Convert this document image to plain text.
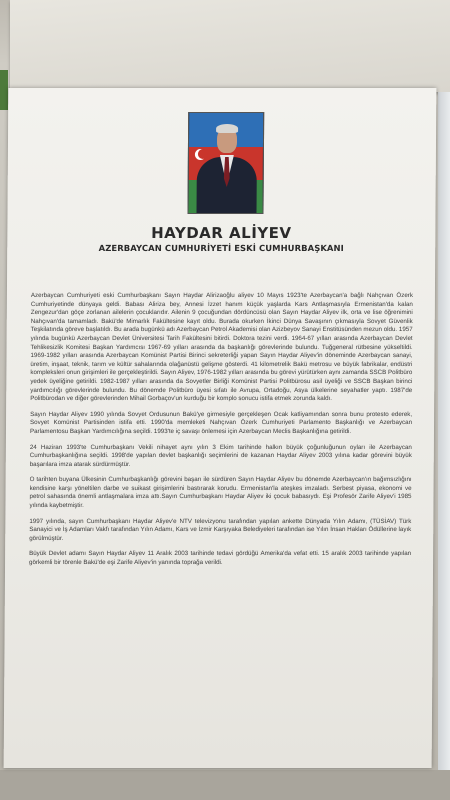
HAYDAR ALİYEV
AZERBAYCAN CUMHURİYETİ ESKİ CUMHURBAŞKANI

Azerbaycan Cumhuriyeti eski Cumhurbaşkanı Sayın Haydar Alirizaoğlu aliyev 10 Mayıs 1923'te Azerbaycan'a bağlı Nahçıvan Özerk Cumhuriyetinde dünyaya geldi. Babası Aliriza bey, Annesi İzzet hanım küçük yaşlarda Kars Antlaşmasıyla Ermenistan'da kalan Zengezur'dan göçe zorlanan ailelerin çocuklarıdır. Ailenin 9 çocuğundan dördüncüsü olan Sayın Haydar Aliyev ilk, orta ve lise öğrenimini Nahçıvan'da tamamladı. Bakü'de Mimarlık Fakültesine kayıt oldu. Burada okurken İkinci Dünya Savaşının çıkmasıyla Sovyet Güvenlik Teşkilatında göreve başlatıldı. Bu arada bugünkü adı Azerbaycan Petrol Akademisi olan Azizbeyov Sanayi Enstitüsünden mezun oldu. 1957 yılında bugünkü Azerbaycan Devlet Üniversitesi Tarih Fakültesini bitirdi. Doktora tezini verdi. 1964-67 yılları arasında Azerbaycan Devlet Tehlikesizlik Komitesi Başkan Yardımcısı 1967-69 yılları arasında da başkanlığı görevlerinde bulundu. Tuğgeneral rütbesine yükseltildi. 1969-1982 yılları arasında Azerbaycan Komünist Partisi Birinci sekreterliği yapan Sayın Haydar Aliyev'in döneminde Azerbaycan sanayi, üretim, inşaat, teknik, tarım ve kültür sahalarında olağanüstü gelişme gösterdi. 41 kilometrelik Bakü metrosu ve büyük fabrikalar, endüstri kompleksleri onun girişimleri ile gerçekleştirildi. Sayın Aliyev, 1976-1982 yılları arasında bu görevi yürütürken aynı zamanda SSCB Politbüro yedek üyeliğine getirildi. 1982-1987 yılları arasında da Sovyetler Birliği Komünist Partisi Politbürosu asil üyeliği ve SSCB Başkan birinci yardımcılığı görevlerinde bulundu. Bu dönemde Politbüro üyesi sıfatı ile Avrupa, Ortadoğu, Asya ülkelerine seyahatler yaptı. 1987'de Politbürodan ve diğer görevlerinden Mihail Gorbaçov'un kurduğu bir komplo sonucu istifa etmek zorunda kaldı.

Sayın Haydar Aliyev 1990 yılında Sovyet Ordusunun Bakü'ye girmesiyle gerçekleşen Ocak katliyamından sonra bunu protesto ederek, Sovyet Komünist Partisinden istifa etti. 1990'da memleketi Nahçıvan Özerk Cumhuriyeti Parlamento Başkanlığı ve Azerbaycan Parlamentosu Başkan Yardımcılığına seçildi. 1993'te iç savaşı önlemesi için Azerbaycan Meclis Başkanlığına getirildi.

24 Haziran 1993'te Cumhurbaşkanı Vekili nihayet aynı yılın 3 Ekim tarihinde halkın büyük çoğunluğunun oyları ile Azerbaycan Cumhurbaşkanlığına seçildi. 1998'de yapılan devlet başkanlığı seçimlerini de kazanan Haydar Aliyev 2003 yılına kadar görevini büyük başarılara imza atarak sürdürmüştür.

O tarihten buyana Ülkesinin Cumhurbaşkanlığı görevini başarı ile sürdüren Sayın Haydar Aliyev bu dönemde Azerbaycan'ın bağımsızlığını kendisine karşı yöneltilen darbe ve suikast girişimlerini bastırarak korudu. Ermenistan'la ateşkes imzaladı. Serbest piyasa, ekonomi ve petrol sahasında önemli antlaşmalara imza attı.Sayın Cumhurbaşkanı Haydar Aliyev iki çocuk babasıydı. Eşi Profesör Zarife Aliyev'i 1985 yılında kaybetmiştir.

1997 yılında, sayın Cumhurbaşkanı Haydar Aliyev'e NTV televizyonu tarafından yapılan ankette Dünyada Yılın Adamı, (TÜSİAV) Türk Sanayici ve İş Adamları Vakfı tarafından Yılın Adamı, Kars ve İzmir Karşıyaka Belediyeleri tarafından ise Yılın İnsan Hakları Ödüllerine layık görülmüştür.

Büyük Devlet adamı Sayın Haydar Aliyev 11 Aralık 2003 tarihinde tedavi gördüğü Amerika'da vefat etti. 15 aralık 2003 tarihinde yapılan görkemli bir törenle Bakü'de eşi Zarife Aliyev'in yanında toprağa verildi.
